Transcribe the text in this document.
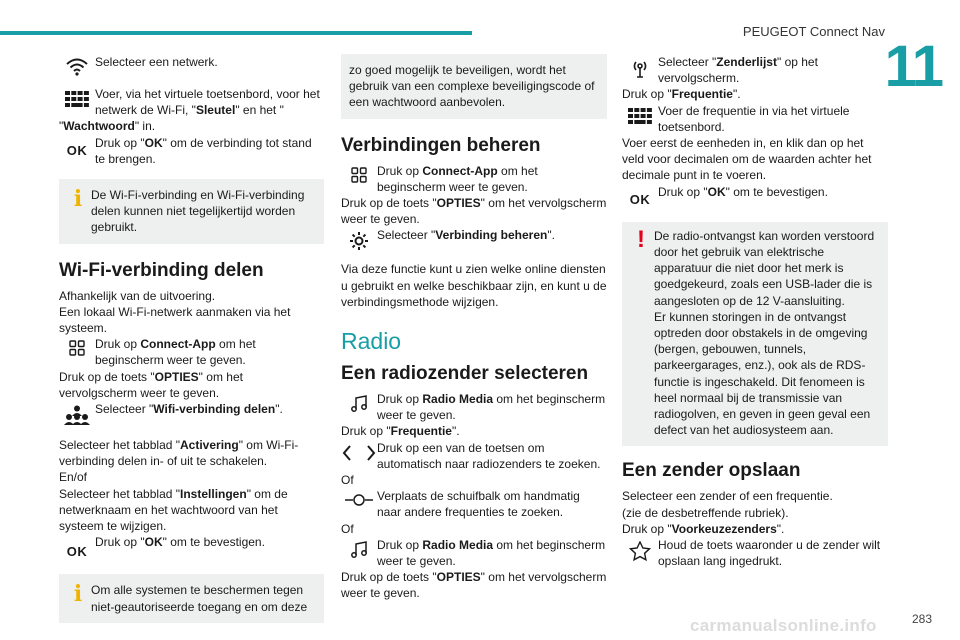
PEUGEOT Connect Nav
11
Selecteer een netwerk.
Voer, via het virtuele toetsenbord, voor het netwerk de Wi-Fi, "Sleutel" en het "
"Wachtwoord" in.
OK Druk op "OK" om de verbinding tot stand te brengen.
i De Wi-Fi-verbinding en Wi-Fi-verbinding delen kunnen niet tegelijkertijd worden gebruikt.
Wi-Fi-verbinding delen
Afhankelijk van de uitvoering.
Een lokaal Wi-Fi-netwerk aanmaken via het systeem.
Druk op Connect-App om het beginscherm weer te geven.
Druk op de toets "OPTIES" om het vervolgscherm weer te geven.
Selecteer "Wifi-verbinding delen".
Selecteer het tabblad "Activering" om Wi-Fi-verbinding delen in- of uit te schakelen.
En/of
Selecteer het tabblad "Instellingen" om de netwerknaam en het wachtwoord van het systeem te wijzigen.
OK
Druk op "OK" om te bevestigen.
i Om alle systemen te beschermen tegen niet-geautoriseerde toegang en om deze
zo goed mogelijk te beveiligen, wordt het gebruik van een complexe beveiligingscode of een wachtwoord aanbevolen.
Verbindingen beheren
Druk op Connect-App om het beginscherm weer te geven.
Druk op de toets "OPTIES" om het vervolgscherm weer te geven.
Selecteer "Verbinding beheren".
Via deze functie kunt u zien welke online diensten u gebruikt en welke beschikbaar zijn, en kunt u de verbindingsmethode wijzigen.
Radio
Een radiozender selecteren
Druk op Radio Media om het beginscherm weer te geven.
Druk op "Frequentie".
Druk op een van de toetsen om automatisch naar radiozenders te zoeken.
Of
Verplaats de schuifbalk om handmatig naar andere frequenties te zoeken.
Of
Druk op Radio Media om het beginscherm weer te geven.
Druk op de toets "OPTIES" om het vervolgscherm weer te geven.
Selecteer "Zenderlijst" op het vervolgscherm.
Druk op "Frequentie".
Voer de frequentie in via het virtuele toetsenbord.
Voer eerst de eenheden in, en klik dan op het veld voor decimalen om de waarden achter het decimale punt in te voeren.
OK Druk op "OK" om te bevestigen.
! De radio-ontvangst kan worden verstoord door het gebruik van elektrische apparatuur die niet door het merk is goedgekeurd, zoals een USB-lader die is aangesloten op de 12 V-aansluiting.
Er kunnen storingen in de ontvangst optreden door obstakels in de omgeving (bergen, gebouwen, tunnels, parkeergarages, enz.), ook als de RDS-functie is ingeschakeld. Dit fenomeen is heel normaal bij de transmissie van radiogolven, en geven in geen geval een defect van het audiosysteem aan.
Een zender opslaan
Selecteer een zender of een frequentie.
(zie de desbetreffende rubriek).
Druk op "Voorkeuzezenders".
Houd de toets waaronder u de zender wilt opslaan lang ingedrukt.
283
carmanualsonline.info
